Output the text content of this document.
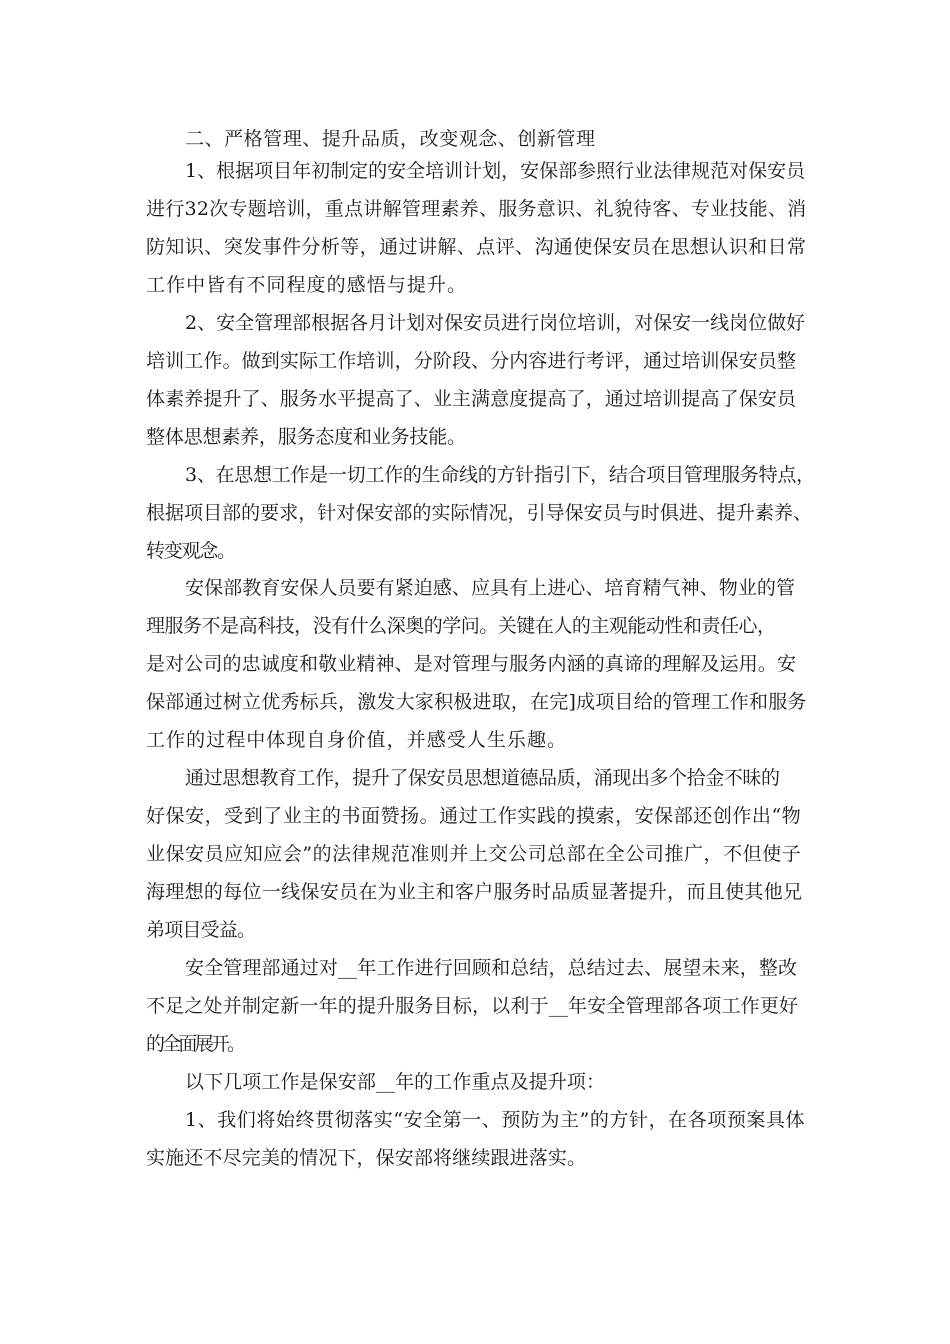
二、严格管理、提升品质，改变观念、创新管理
1、根据项目年初制定的安全培训计划，安保部参照行业法律规范对保安员
进行32次专题培训，重点讲解管理素养、服务意识、礼貌待客、专业技能、消
防知识、突发事件分析等，通过讲解、点评、沟通使保安员在思想认识和日常
工作中皆有不同程度的感悟与提升。
2、安全管理部根据各月计划对保安员进行岗位培训，对保安一线岗位做好
培训工作。做到实际工作培训，分阶段、分内容进行考评，通过培训保安员整
体素养提升了、服务水平提高了、业主满意度提高了，通过培训提高了保安员
整体思想素养，服务态度和业务技能。
3、在思想工作是一切工作的生命线的方针指引下，结合项目管理服务特点，
根据项目部的要求，针对保安部的实际情况，引导保安员与时俱进、提升素养、
转变观念。
安保部教育安保人员要有紧迫感、应具有上进心、培育精气神、物业的管
理服务不是高科技，没有什么深奥的学问。关键在人的主观能动性和责任心，
是对公司的忠诚度和敬业精神、是对管理与服务内涵的真谛的理解及运用。安
保部通过树立优秀标兵，激发大家积极进取，在完]成项目给的管理工作和服务
工作的过程中体现自身价值，并感受人生乐趣。
通过思想教育工作，提升了保安员思想道德品质，涌现出多个拾金不昧的
好保安，受到了业主的书面赞扬。通过工作实践的摸索，安保部还创作出“物
业保安员应知应会”的法律规范准则并上交公司总部在全公司推广，不但使子
海理想的每位一线保安员在为业主和客户服务时品质显著提升，而且使其他兄
弟项目受益。
安全管理部通过对__年工作进行回顾和总结，总结过去、展望未来，整改
不足之处并制定新一年的提升服务目标，以利于__年安全管理部各项工作更好
的全面展开。
以下几项工作是保安部__年的工作重点及提升项：
1、我们将始终贯彻落实“安全第一、预防为主”的方针，在各项预案具体
实施还不尽完美的情况下，保安部将继续跟进落实。
